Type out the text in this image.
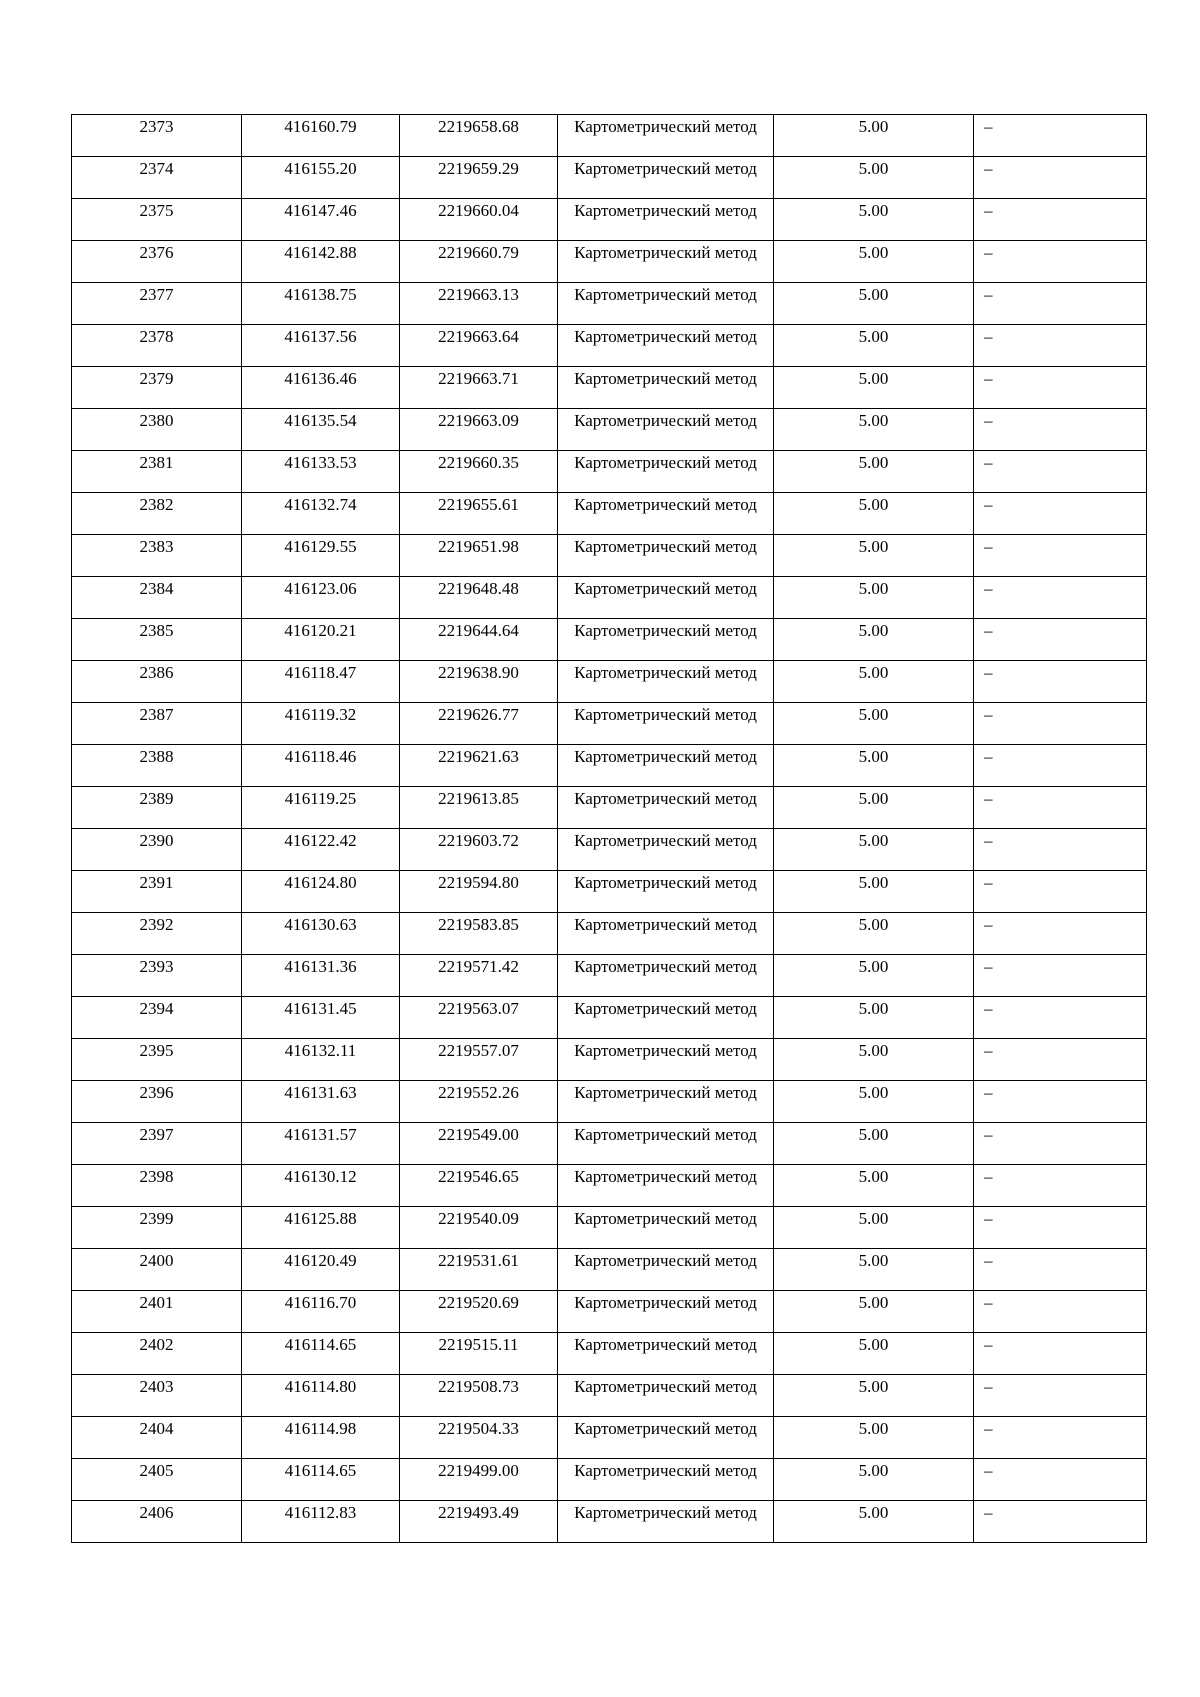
2373	416160.79	2219658.68	Картометрический метод	5.00	–

2374	416155.20	2219659.29	Картометрический метод	5.00	–

2375	416147.46	2219660.04	Картометрический метод	5.00	–

2376	416142.88	2219660.79	Картометрический метод	5.00	–

2377	416138.75	2219663.13	Картометрический метод	5.00	–

2378	416137.56	2219663.64	Картометрический метод	5.00	–

2379	416136.46	2219663.71	Картометрический метод	5.00	–

2380	416135.54	2219663.09	Картометрический метод	5.00	–

2381	416133.53	2219660.35	Картометрический метод	5.00	–

2382	416132.74	2219655.61	Картометрический метод	5.00	–

2383	416129.55	2219651.98	Картометрический метод	5.00	–

2384	416123.06	2219648.48	Картометрический метод	5.00	–

2385	416120.21	2219644.64	Картометрический метод	5.00	–

2386	416118.47	2219638.90	Картометрический метод	5.00	–

2387	416119.32	2219626.77	Картометрический метод	5.00	–

2388	416118.46	2219621.63	Картометрический метод	5.00	–

2389	416119.25	2219613.85	Картометрический метод	5.00	–

2390	416122.42	2219603.72	Картометрический метод	5.00	–

2391	416124.80	2219594.80	Картометрический метод	5.00	–

2392	416130.63	2219583.85	Картометрический метод	5.00	–

2393	416131.36	2219571.42	Картометрический метод	5.00	–

2394	416131.45	2219563.07	Картометрический метод	5.00	–

2395	416132.11	2219557.07	Картометрический метод	5.00	–

2396	416131.63	2219552.26	Картометрический метод	5.00	–

2397	416131.57	2219549.00	Картометрический метод	5.00	–

2398	416130.12	2219546.65	Картометрический метод	5.00	–

2399	416125.88	2219540.09	Картометрический метод	5.00	–

2400	416120.49	2219531.61	Картометрический метод	5.00	–

2401	416116.70	2219520.69	Картометрический метод	5.00	–

2402	416114.65	2219515.11	Картометрический метод	5.00	–

2403	416114.80	2219508.73	Картометрический метод	5.00	–

2404	416114.98	2219504.33	Картометрический метод	5.00	–

2405	416114.65	2219499.00	Картометрический метод	5.00	–

2406	416112.83	2219493.49	Картометрический метод	5.00	–
